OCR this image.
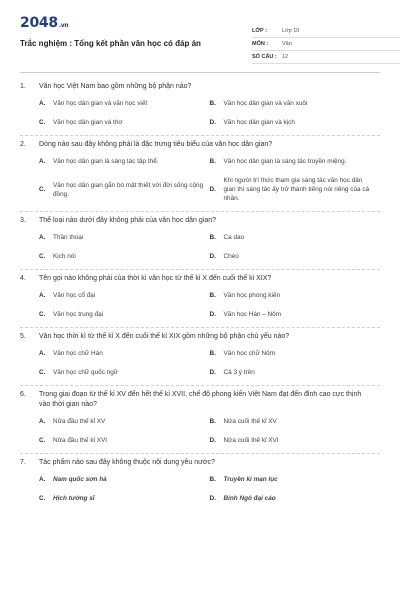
2048.vn
Trắc nghiệm : Tổng kết phần văn học có đáp án
LỚP :	Lớp 10
MÔN :	Văn
SỐ CÂU : 12
1.	Văn học Việt Nam bao gồm những bộ phận nào?
A.	Văn học dân gian và văn học viết	B.	Văn học dân gian và văn xuôi
C.	Văn học dân gian và thơ	D.	Văn học dân gian và kịch
2.	Dòng nào sau đây không phải là đặc trưng tiêu biểu của văn học dân gian?
A.	Văn học dân gian là sáng tác tập thể.	B.	Văn học dân gian là sáng tác truyền miệng.
C.
Văn học dân gian gắn bó mật thiết với đời sống cộng đồng.
D.
Khi người trí thức tham gia sáng tác văn học dân gian thì sáng tác ấy trở thành tiếng nói riêng của cá nhân.
3.	Thể loại nào dưới đây không phải của văn học dân gian?
A.	Thần thoại	B.	Ca dao
C.	Kịch nói	D.	Chèo
4.	Tên gọi nào không phải của thời kì văn học từ thế kỉ X đến cuối thế kỉ XIX?
A.	Văn học cổ đại	B.	Văn học phong kiến
C.	Văn học trung đại	D.	Văn học Hán – Nôm
5.	Văn học thời kì từ thế kỉ X đến cuối thế kỉ XIX gồm những bộ phận chủ yếu nào?
A.	Văn học chữ Hán	B.	Văn học chữ Nôm
C.	Văn học chữ quốc ngữ	D.	Cả 3 ý trên
6.	Trong giai đoạn từ thế kỉ XV đến hết thế kỉ XVII, chế độ phong kiến Việt Nam đạt đến đỉnh cao cực thịnh vào thời gian nào?
A.	Nửa đầu thế kỉ XV	B.	Nửa cuối thế kỉ XV
C.	Nửa đầu thế kỉ XVI	D.	Nửa cuối thế kỉ XVI
7.	Tác phẩm nào sau đây không thuộc nội dung yêu nước?
A.	Nam quốc sơn hà	B.	Truyền kì mạn lục
C.	Hịch tướng sĩ	D.	Bình Ngô đại cáo
